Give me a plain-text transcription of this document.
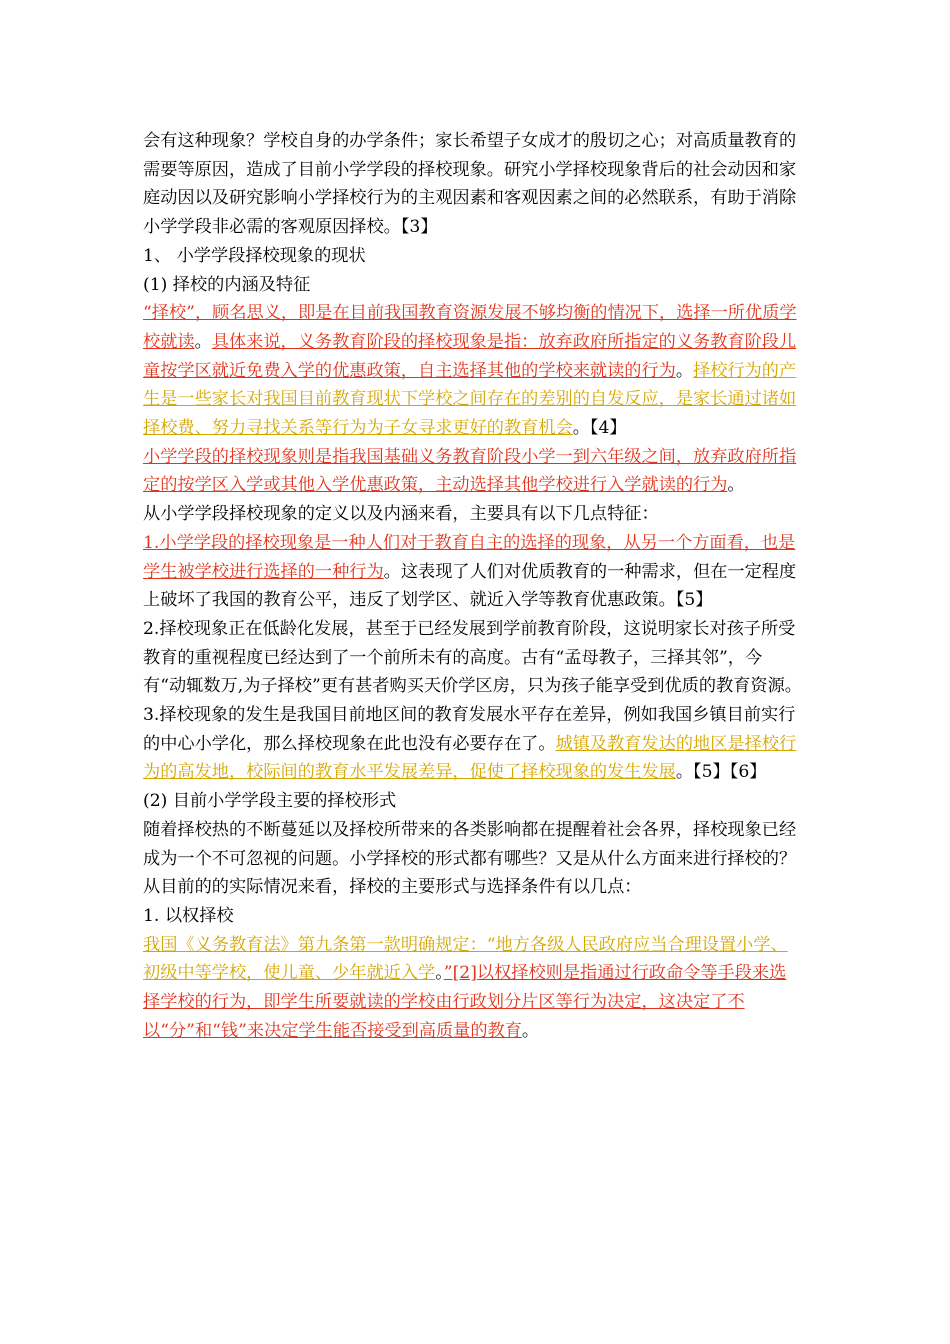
会有这种现象？学校自身的办学条件；家长希望子女成才的殷切之心；对高质量教育的需要等原因，造成了目前小学学段的择校现象。研究小学择校现象背后的社会动因和家庭动因以及研究影响小学择校行为的主观因素和客观因素之间的必然联系，有助于消除小学学段非必需的客观原因择校。【3】

1、 小学学段择校现象的现状

(1) 择校的内涵及特征

“择校”，顾名思义，即是在目前我国教育资源发展不够均衡的情况下，选择一所优质学校就读。具体来说，义务教育阶段的择校现象是指：放弃政府所指定的义务教育阶段儿童按学区就近免费入学的优惠政策，自主选择其他的学校来就读的行为。择校行为的产生是一些家长对我国目前教育现状下学校之间存在的差别的自发反应，是家长通过诸如择校费、努力寻找关系等行为为子女寻求更好的教育机会。【4】

小学学段的择校现象则是指我国基础义务教育阶段小学一到六年级之间，放弃政府所指定的按学区入学或其他入学优惠政策，主动选择其他学校进行入学就读的行为。

从小学学段择校现象的定义以及内涵来看，主要具有以下几点特征：

1.小学学段的择校现象是一种人们对于教育自主的选择的现象，从另一个方面看，也是学生被学校进行选择的一种行为。这表现了人们对优质教育的一种需求，但在一定程度上破坏了我国的教育公平，违反了划学区、就近入学等教育优惠政策。【5】

2.择校现象正在低龄化发展，甚至于已经发展到学前教育阶段，这说明家长对孩子所受教育的重视程度已经达到了一个前所未有的高度。古有“孟母教子，三择其邻”，今有“动辄数万,为子择校”更有甚者购买天价学区房，只为孩子能享受到优质的教育资源。

3.择校现象的发生是我国目前地区间的教育发展水平存在差异，例如我国乡镇目前实行的中心小学化，那么择校现象在此也没有必要存在了。城镇及教育发达的地区是择校行为的高发地，校际间的教育水平发展差异，促使了择校现象的发生发展。【5】【6】

(2) 目前小学学段主要的择校形式

随着择校热的不断蔓延以及择校所带来的各类影响都在提醒着社会各界，择校现象已经成为一个不可忽视的问题。小学择校的形式都有哪些？又是从什么方面来进行择校的？从目前的的实际情况来看，择校的主要形式与选择条件有以几点：

1. 以权择校

我国《义务教育法》第九条第一款明确规定：“地方各级人民政府应当合理设置小学、初级中等学校，使儿童、少年就近入学。”[2]以权择校则是指通过行政命令等手段来选择学校的行为，即学生所要就读的学校由行政划分片区等行为决定，这决定了不以“分”和“钱”来决定学生能否接受到高质量的教育。
